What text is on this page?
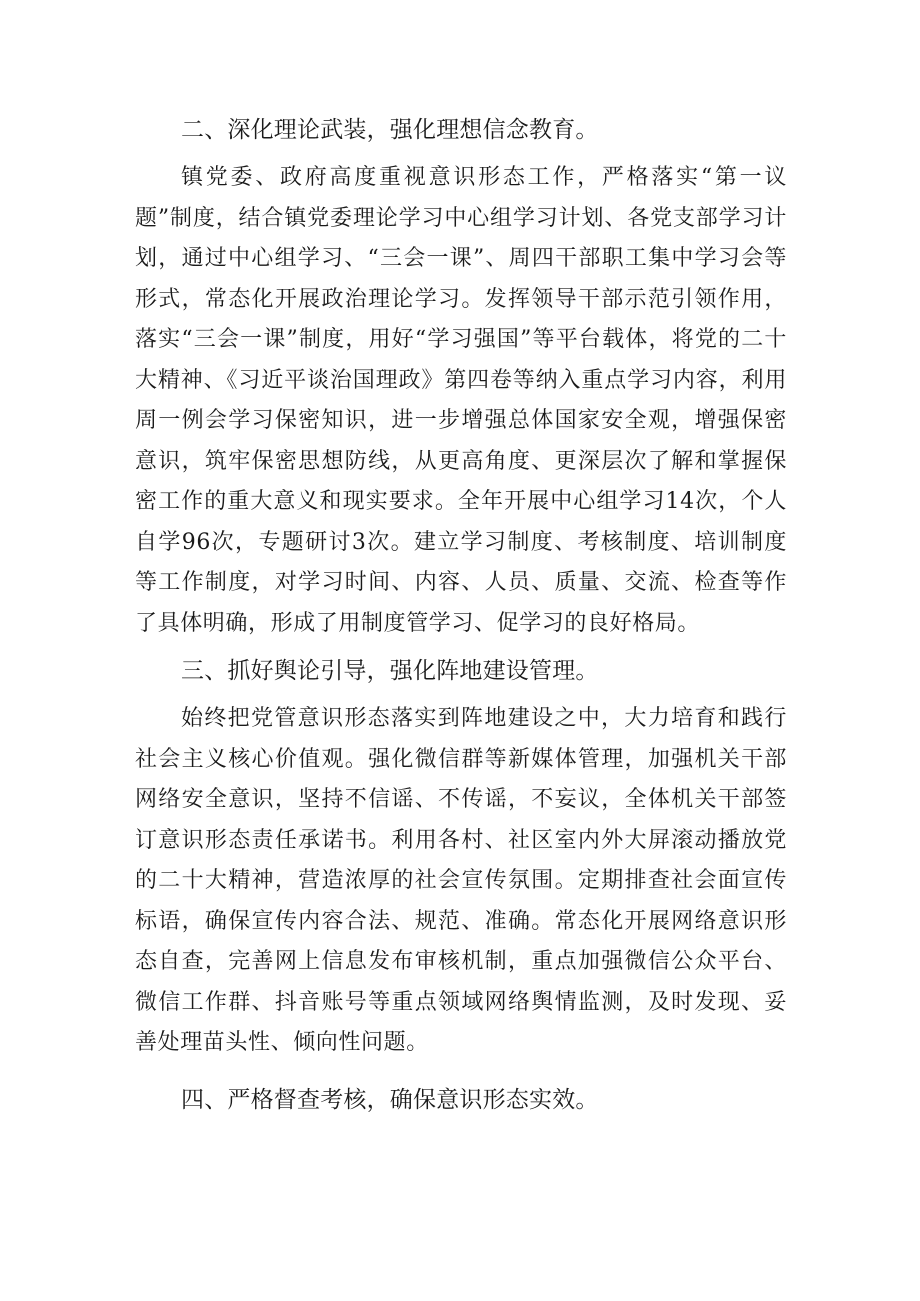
二、深化理论武装，强化理想信念教育。

镇党委、政府高度重视意识形态工作，严格落实“第一议题”制度，结合镇党委理论学习中心组学习计划、各党支部学习计划，通过中心组学习、“三会一课”、周四干部职工集中学习会等形式，常态化开展政治理论学习。发挥领导干部示范引领作用，落实“三会一课”制度，用好“学习强国”等平台载体，将党的二十大精神、《习近平谈治国理政》第四卷等纳入重点学习内容，利用周一例会学习保密知识，进一步增强总体国家安全观，增强保密意识，筑牢保密思想防线，从更高角度、更深层次了解和掌握保密工作的重大意义和现实要求。全年开展中心组学习14次，个人自学96次，专题研讨3次。建立学习制度、考核制度、培训制度等工作制度，对学习时间、内容、人员、质量、交流、检查等作了具体明确，形成了用制度管学习、促学习的良好格局。

三、抓好舆论引导，强化阵地建设管理。

始终把党管意识形态落实到阵地建设之中，大力培育和践行社会主义核心价值观。强化微信群等新媒体管理，加强机关干部网络安全意识，坚持不信谣、不传谣，不妄议，全体机关干部签订意识形态责任承诺书。利用各村、社区室内外大屏滚动播放党的二十大精神，营造浓厚的社会宣传氛围。定期排查社会面宣传标语，确保宣传内容合法、规范、准确。常态化开展网络意识形态自查，完善网上信息发布审核机制，重点加强微信公众平台、微信工作群、抖音账号等重点领域网络舆情监测，及时发现、妥善处理苗头性、倾向性问题。

四、严格督查考核，确保意识形态实效。
